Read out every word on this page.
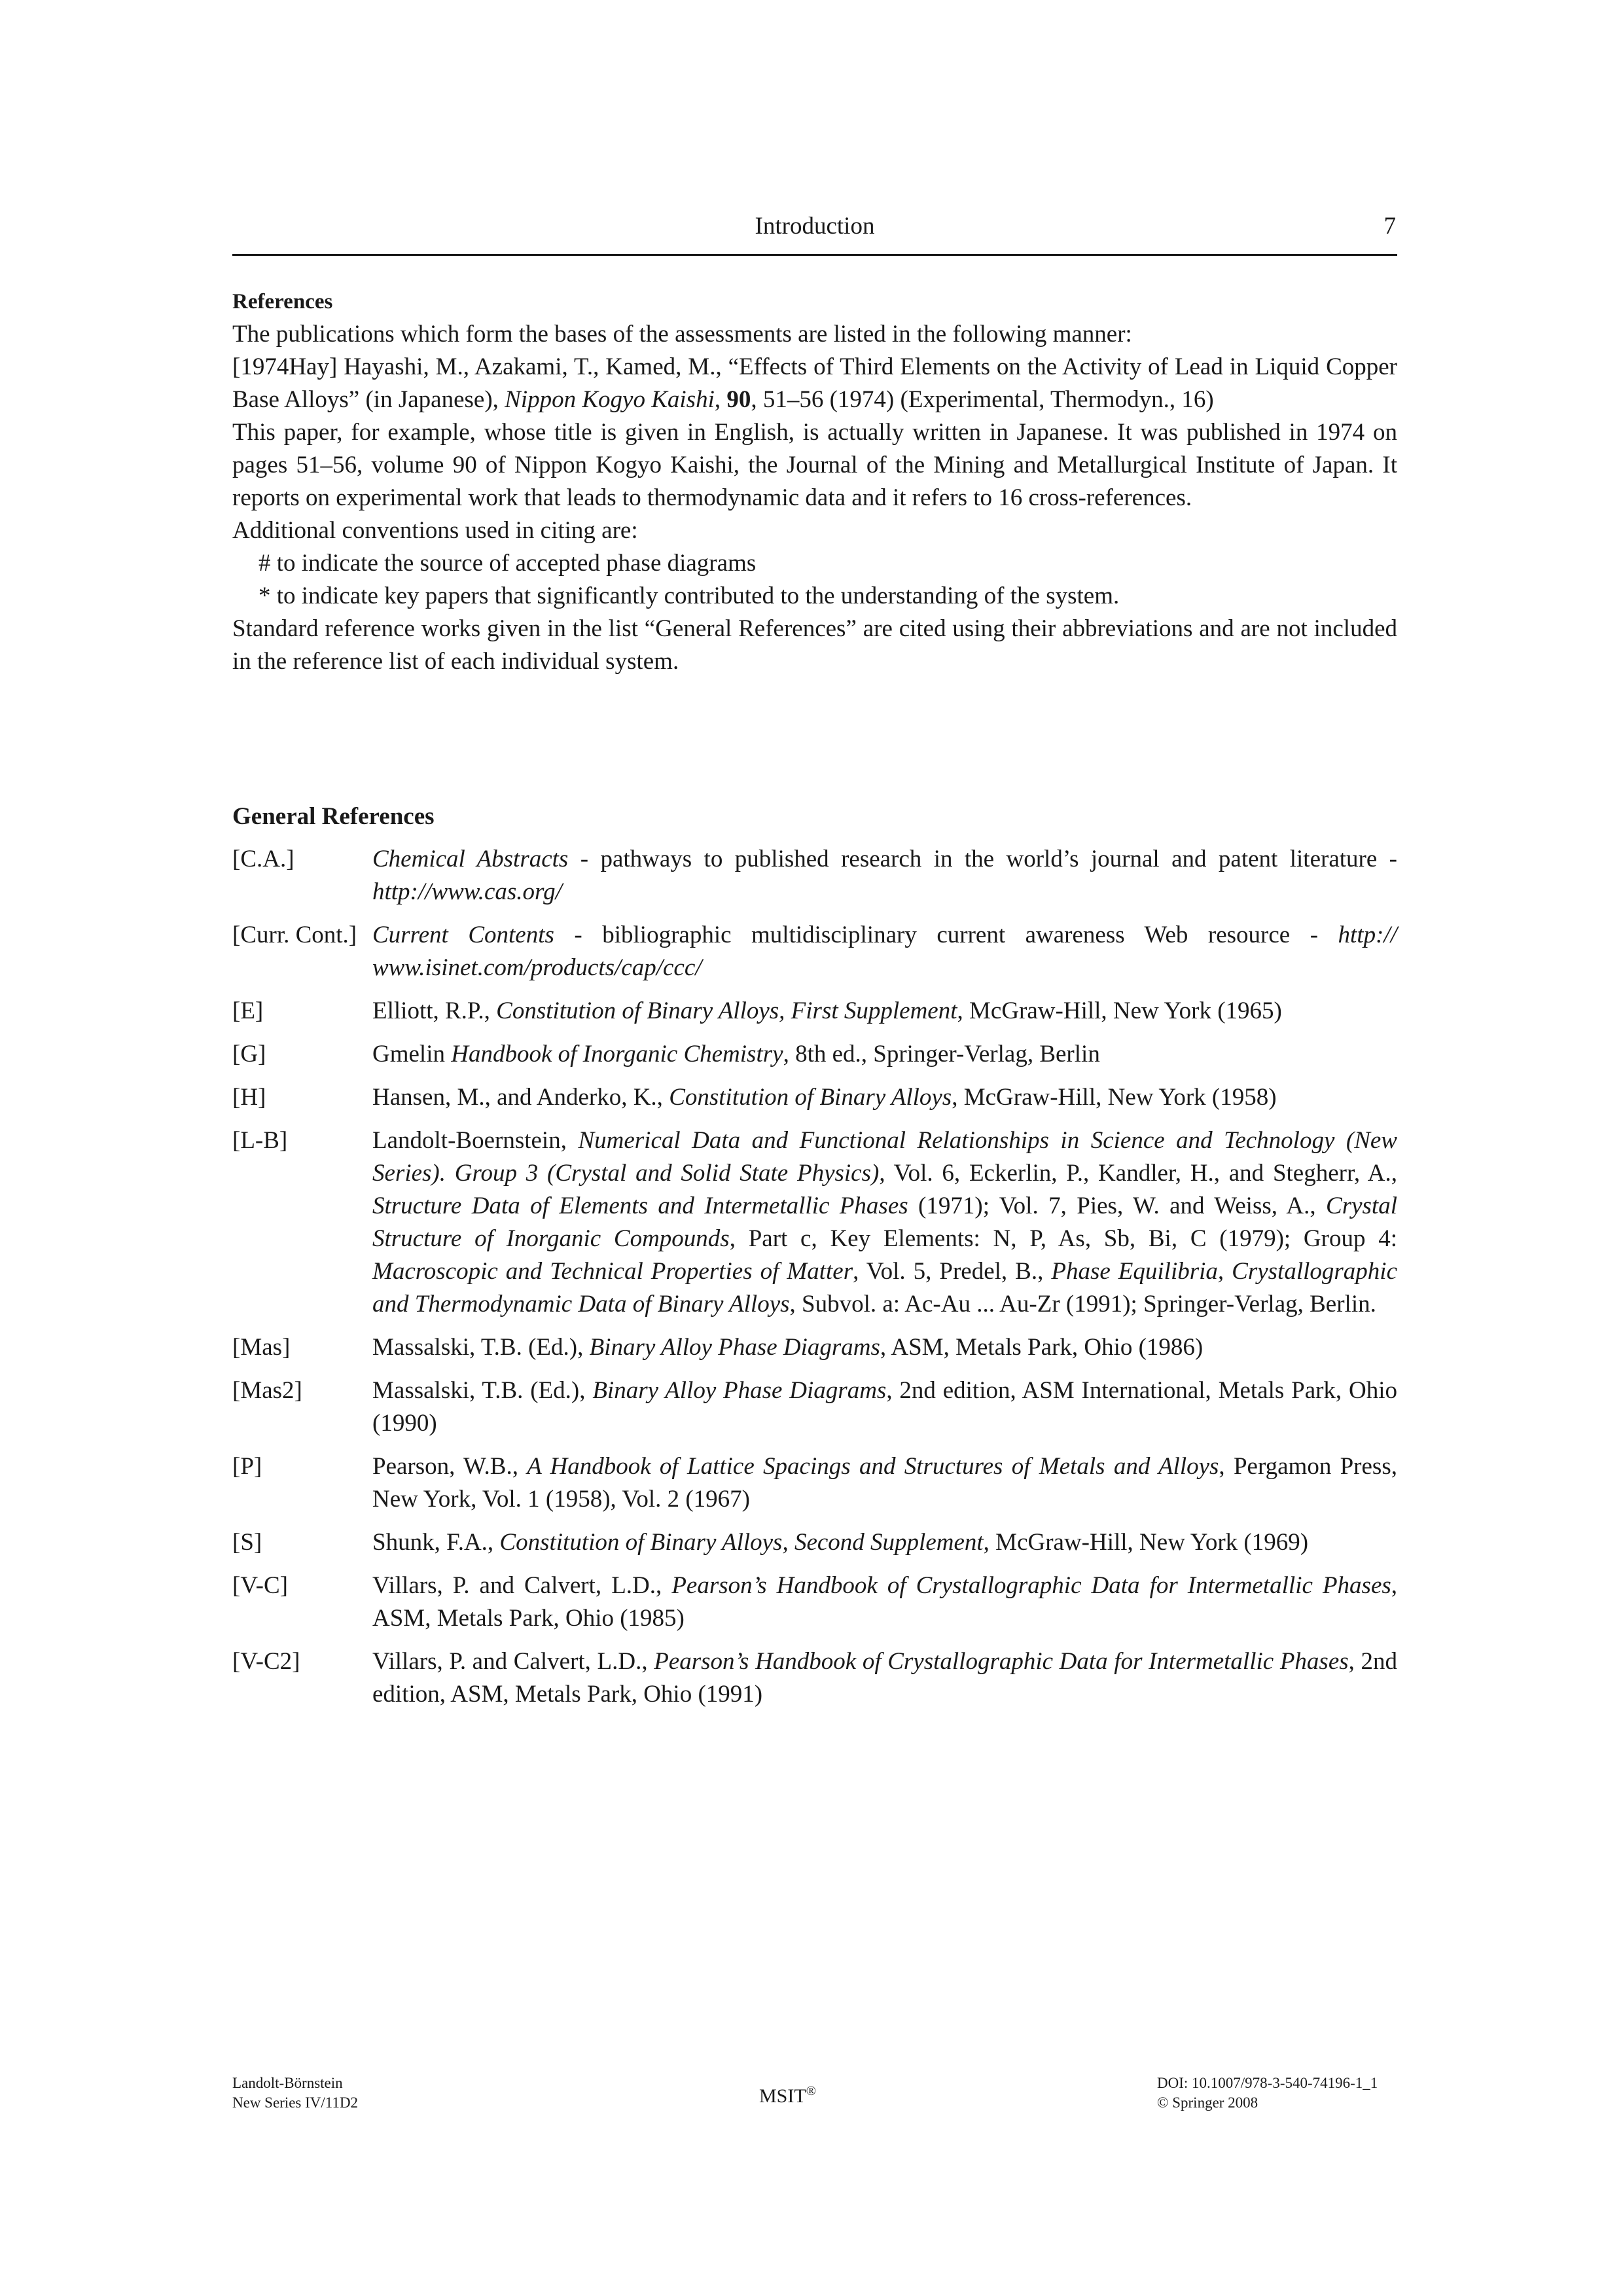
Introduction	7

References

The publications which form the bases of the assessments are listed in the following manner:

[1974Hay] Hayashi, M., Azakami, T., Kamed, M., “Effects of Third Elements on the Activity of Lead in Liquid Copper Base Alloys” (in Japanese), Nippon Kogyo Kaishi, 90, 51–56 (1974) (Experimental, Thermodyn., 16)

This paper, for example, whose title is given in English, is actually written in Japanese. It was published in 1974 on pages 51–56, volume 90 of Nippon Kogyo Kaishi, the Journal of the Mining and Metallurgical Institute of Japan. It reports on experimental work that leads to thermodynamic data and it refers to 16 cross-references.

Additional conventions used in citing are:

# to indicate the source of accepted phase diagrams

* to indicate key papers that significantly contributed to the understanding of the system.

Standard reference works given in the list “General References” are cited using their abbreviations and are not included in the reference list of each individual system.

General References

[C.A.]	Chemical Abstracts - pathways to published research in the world’s journal and patent literature - http://www.cas.org/
[Curr. Cont.] Current Contents - bibliographic multidisciplinary current awareness Web resource - http:// www.isinet.com/products/cap/ccc/
[E]	Elliott, R.P., Constitution of Binary Alloys, First Supplement, McGraw-Hill, New York (1965)
[G]	Gmelin Handbook of Inorganic Chemistry, 8th ed., Springer-Verlag, Berlin
[H]	Hansen, M., and Anderko, K., Constitution of Binary Alloys, McGraw-Hill, New York (1958)
[L-B]	Landolt-Boernstein, Numerical Data and Functional Relationships in Science and Technology (New Series). Group 3 (Crystal and Solid State Physics), Vol. 6, Eckerlin, P., Kandler, H., and Stegherr, A., Structure Data of Elements and Intermetallic Phases (1971); Vol. 7, Pies, W. and Weiss, A., Crystal Structure of Inorganic Compounds, Part c, Key Elements: N, P, As, Sb, Bi, C (1979); Group 4: Macroscopic and Technical Properties of Matter, Vol. 5, Predel, B., Phase Equilibria, Crystallographic and Thermodynamic Data of Binary Alloys, Subvol. a: Ac-Au ... Au-Zr (1991); Springer-Verlag, Berlin.
[Mas]	Massalski, T.B. (Ed.), Binary Alloy Phase Diagrams, ASM, Metals Park, Ohio (1986)
[Mas2]	Massalski, T.B. (Ed.), Binary Alloy Phase Diagrams, 2nd edition, ASM International, Metals Park, Ohio (1990)
[P]	Pearson, W.B., A Handbook of Lattice Spacings and Structures of Metals and Alloys, Pergamon Press, New York, Vol. 1 (1958), Vol. 2 (1967)
[S]	Shunk, F.A., Constitution of Binary Alloys, Second Supplement, McGraw-Hill, New York (1969)
[V-C]	Villars, P. and Calvert, L.D., Pearson’s Handbook of Crystallographic Data for Intermetallic Phases, ASM, Metals Park, Ohio (1985)
[V-C2]	Villars, P. and Calvert, L.D., Pearson’s Handbook of Crystallographic Data for Intermetallic Phases, 2nd edition, ASM, Metals Park, Ohio (1991)
Landolt-Börnstein
New Series IV/11D2	MSIT®	DOI: 10.1007/978-3-540-74196-1_1
© Springer 2008
